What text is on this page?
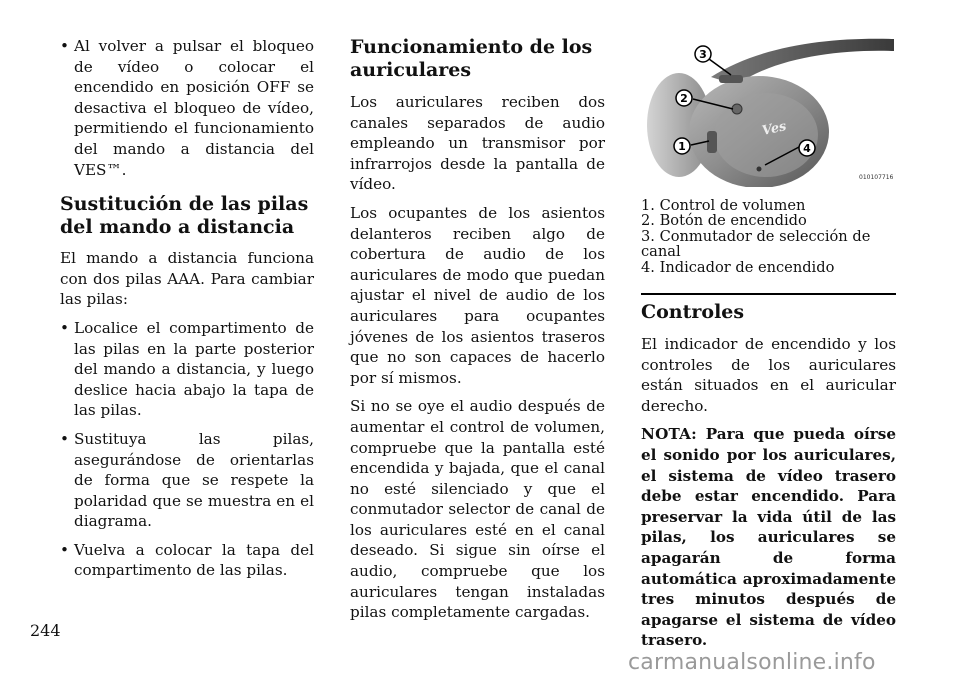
• Al volver a pulsar el bloqueo de vídeo o colocar el encendido en posición OFF se desactiva el bloqueo de vídeo, permitiendo el funcionamiento del mando a distancia del VES™.
Sustitución de las pilas del mando a distancia

El mando a distancia funciona con dos pilas AAA. Para cambiar las pilas:

• Localice el compartimento de las pilas en la parte posterior del mando a distancia, y luego deslice hacia abajo la tapa de las pilas.
• Sustituya las pilas, asegurándose de orientarlas de forma que se respete la polaridad que se muestra en el diagrama.
• Vuelva a colocar la tapa del compartimento de las pilas.
Funcionamiento de los auriculares

Los auriculares reciben dos canales separados de audio empleando un transmisor por infrarrojos desde la pantalla de vídeo.

Los ocupantes de los asientos delanteros reciben algo de cobertura de audio de los auriculares de modo que puedan ajustar el nivel de audio de los auriculares para ocupantes jóvenes de los asientos traseros que no son capaces de hacerlo por sí mismos.

Si no se oye el audio después de aumentar el control de volumen, compruebe que la pantalla esté encendida y bajada, que el canal no esté silenciado y que el conmutador selector de canal de los auriculares esté en el canal deseado. Si sigue sin oírse el audio, compruebe que los auriculares tengan instaladas pilas completamente cargadas.

Ves
3
2
1	4
010107716
1. Control de volumen
2. Botón de encendido
3. Conmutador de selección de canal
4. Indicador de encendido
Controles

El indicador de encendido y los controles de los auriculares están situados en el auricular derecho.

NOTA: Para que pueda oírse el sonido por los auriculares, el sistema de vídeo trasero debe estar encendido. Para preservar la vida útil de las pilas, los auriculares se apagarán de forma automática aproximadamente tres minutos después de apagarse el sistema de vídeo trasero.

244
carmanualsonline.info
